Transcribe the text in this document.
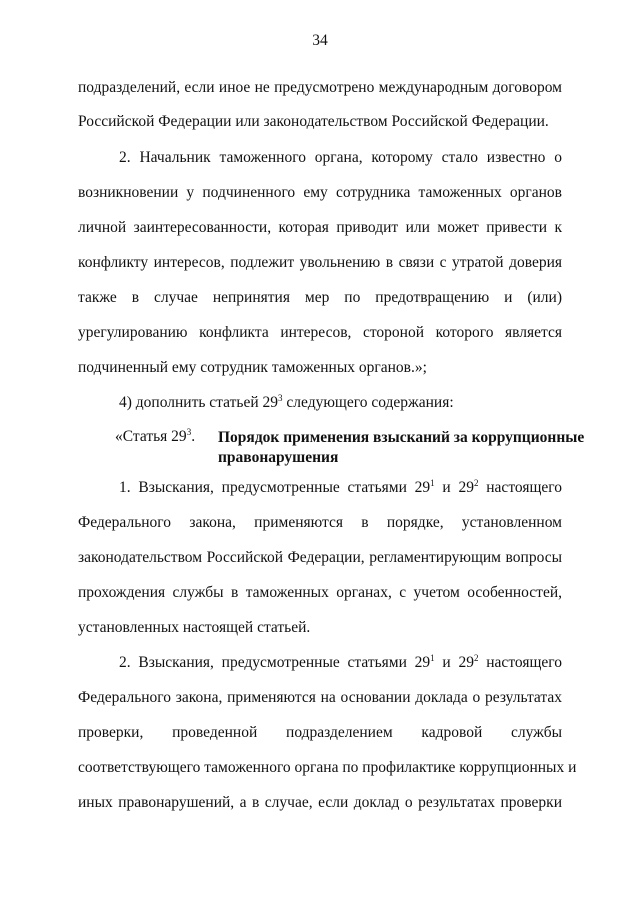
34
подразделений, если иное не предусмотрено международным договором
Российской Федерации или законодательством Российской Федерации.
2. Начальник таможенного органа, которому стало известно о
возникновении у подчиненного ему сотрудника таможенных органов
личной заинтересованности, которая приводит или может привести к
конфликту интересов, подлежит увольнению в связи с утратой доверия
также в случае непринятия мер по предотвращению и (или)
урегулированию конфликта интересов, стороной которого является
подчиненный ему сотрудник таможенных органов.»;
4) дополнить статьей $29^3$ следующего содержания:
«Статья $29^3$. Порядок применения взысканий за коррупционные
правонарушения
1. Взыскания, предусмотренные статьями $29^1$ и $29^2$ настоящего
Федерального закона, применяются в порядке, установленном
законодательством Российской Федерации, регламентирующим вопросы
прохождения службы в таможенных органах, с учетом особенностей,
установленных настоящей статьей.
2. Взыскания, предусмотренные статьями $29^1$ и $29^2$ настоящего
Федерального закона, применяются на основании доклада о результатах
проверки, проведенной подразделением кадровой службы
соответствующего таможенного органа по профилактике коррупционных и
иных правонарушений, а в случае, если доклад о результатах проверки
